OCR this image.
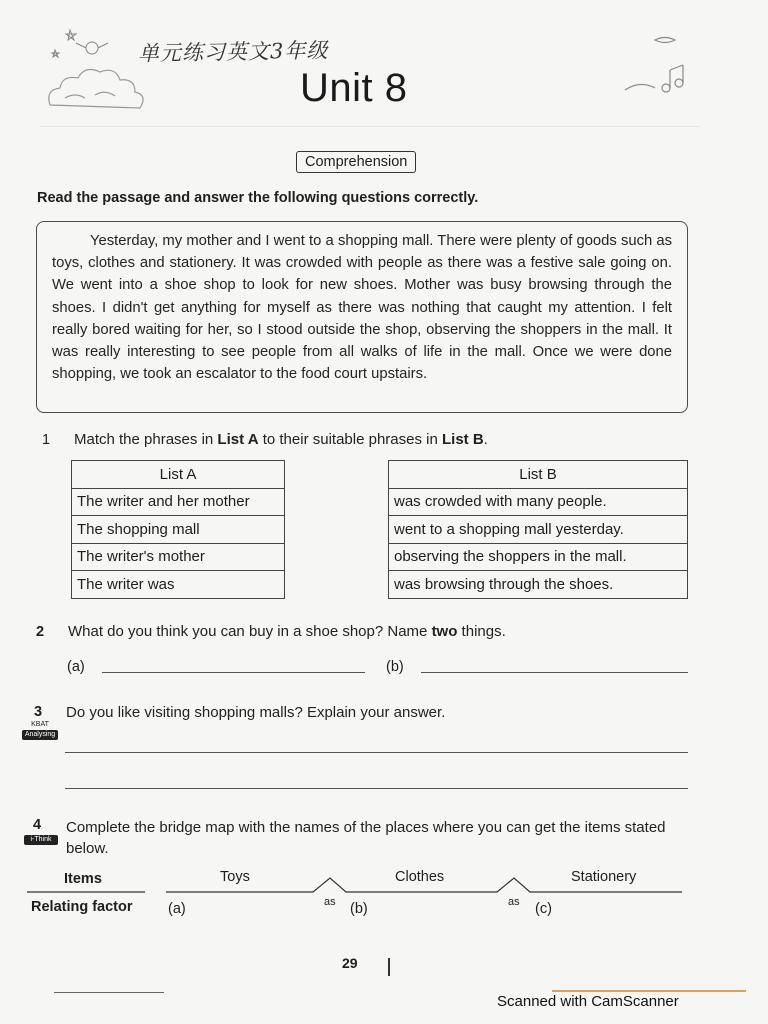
单元练习英文3年级
Unit 8
Comprehension
Read the passage and answer the following questions correctly.
Yesterday, my mother and I went to a shopping mall. There were plenty of goods such as toys, clothes and stationery. It was crowded with people as there was a festive sale going on. We went into a shoe shop to look for new shoes. Mother was busy browsing through the shoes. I didn't get anything for myself as there was nothing that caught my attention. I felt really bored waiting for her, so I stood outside the shop, observing the shoppers in the mall. It was really interesting to see people from all walks of life in the mall. Once we were done shopping, we took an escalator to the food court upstairs.
1 Match the phrases in List A to their suitable phrases in List B.
List A
The writer and her mother
The shopping mall
The writer's mother
The writer was
List B
was crowded with many people.
went to a shopping mall yesterday.
observing the shoppers in the mall.
was browsing through the shoes.
2 What do you think you can buy in a shoe shop? Name two things.
(a)	(b)
3
KBAT
Analysing
Do you like visiting shopping malls? Explain your answer.
4
i-Think
Complete the bridge map with the names of the places where you can get the items stated below.
Items
Relating factor
Toys	Clothes	Stationery
(a)	as (b)	as (c)
29
Scanned with CamScanner
